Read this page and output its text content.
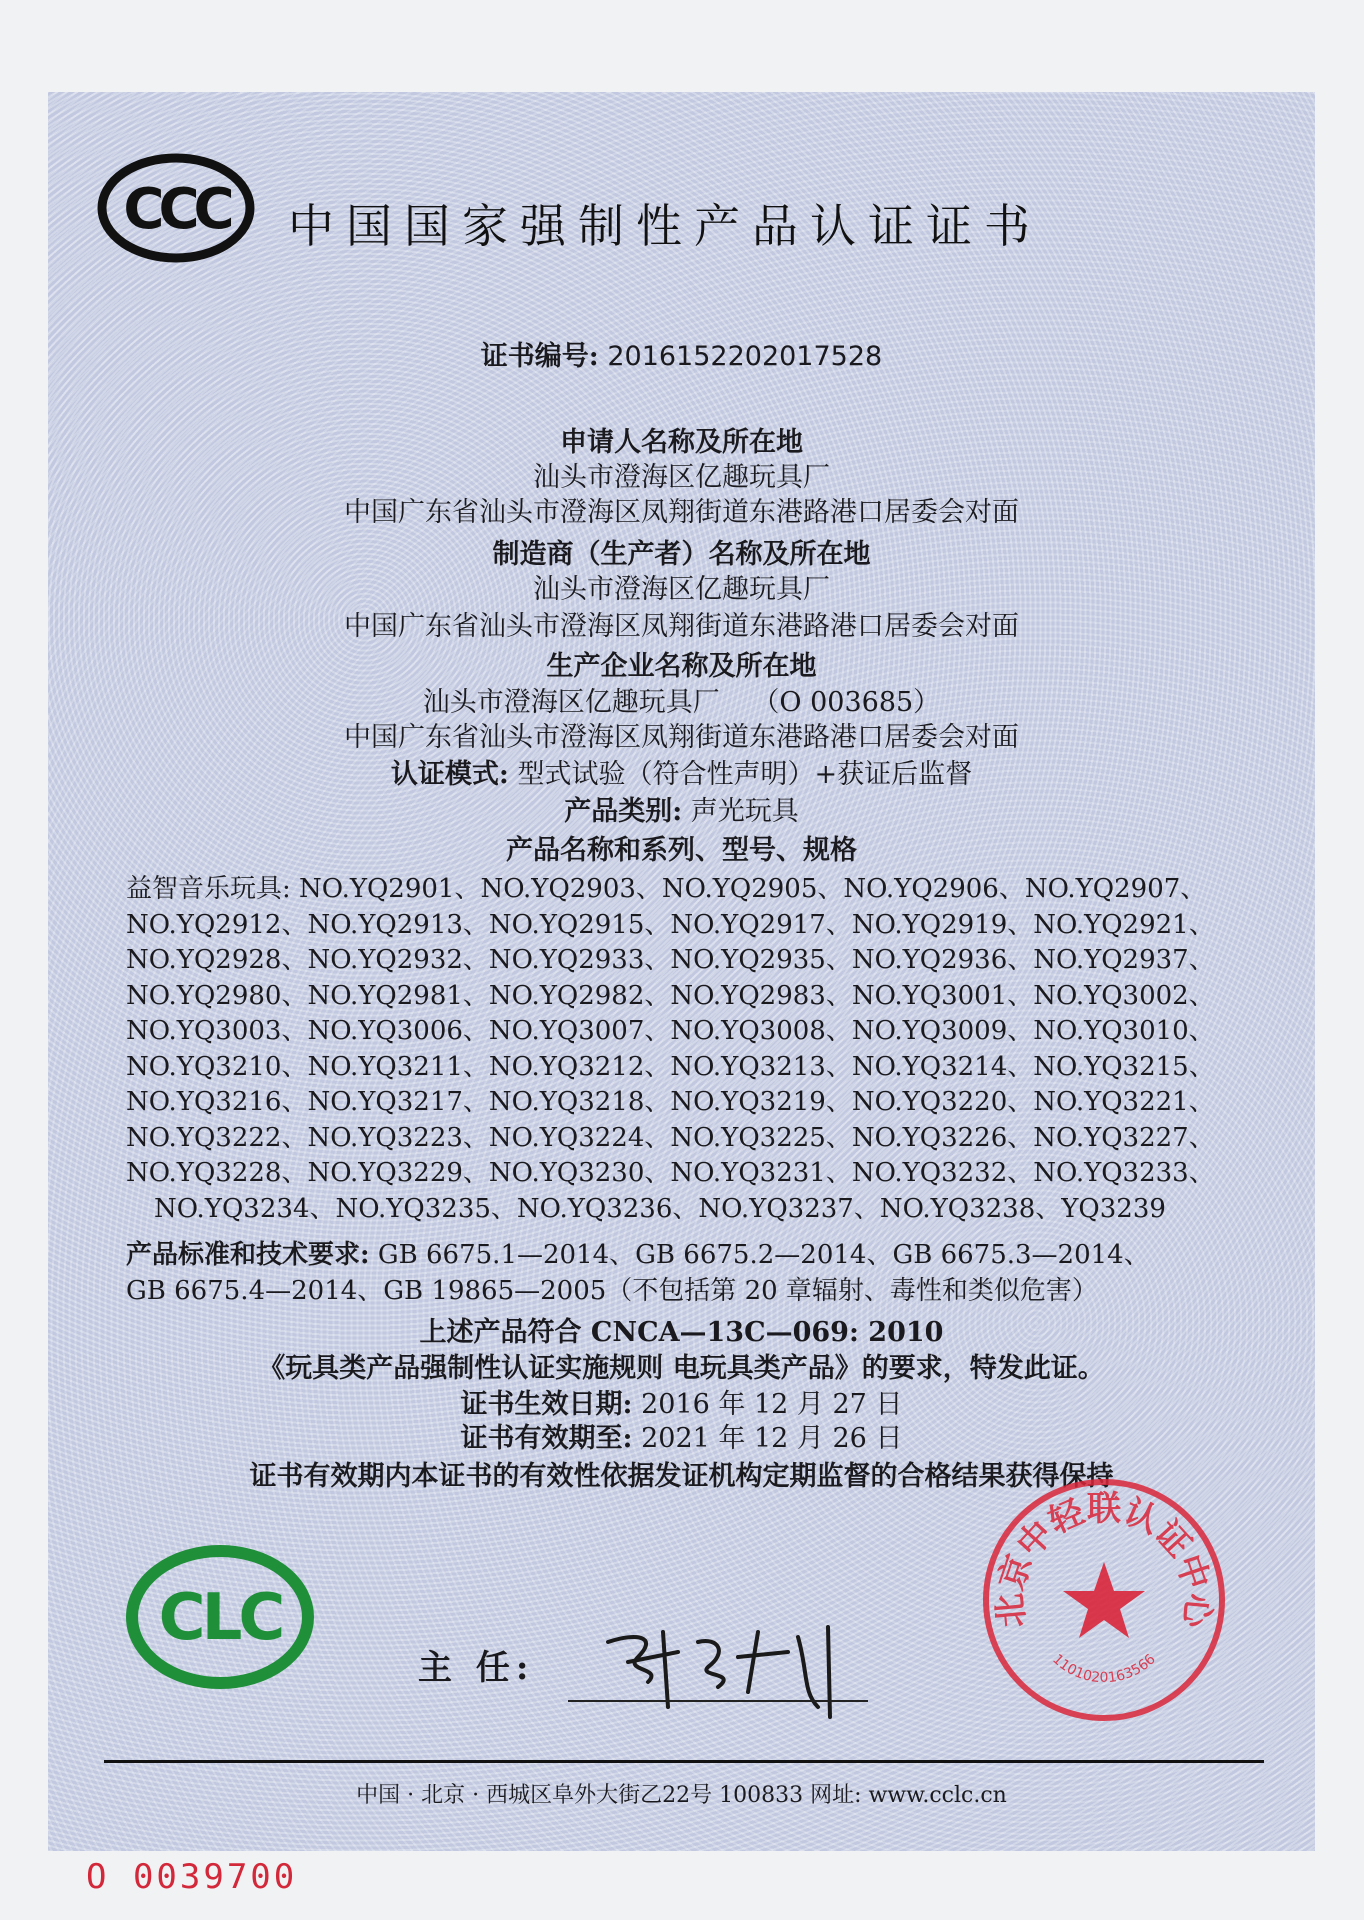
CCC 中国国家强制性产品认证证书
证书编号: 2016152202017528
申请人名称及所在地
汕头市澄海区亿趣玩具厂
中国广东省汕头市澄海区凤翔街道东港路港口居委会对面
制造商（生产者）名称及所在地
汕头市澄海区亿趣玩具厂
中国广东省汕头市澄海区凤翔街道东港路港口居委会对面
生产企业名称及所在地
汕头市澄海区亿趣玩具厂 （O 003685）
中国广东省汕头市澄海区凤翔街道东港路港口居委会对面
认证模式: 型式试验（符合性声明）+获证后监督
产品类别: 声光玩具
产品名称和系列、型号、规格
益智音乐玩具: NO.YQ2901、NO.YQ2903、NO.YQ2905、NO.YQ2906、NO.YQ2907、
NO.YQ2912、NO.YQ2913、NO.YQ2915、NO.YQ2917、NO.YQ2919、NO.YQ2921、
NO.YQ2928、NO.YQ2932、NO.YQ2933、NO.YQ2935、NO.YQ2936、NO.YQ2937、
NO.YQ2980、NO.YQ2981、NO.YQ2982、NO.YQ2983、NO.YQ3001、NO.YQ3002、
NO.YQ3003、NO.YQ3006、NO.YQ3007、NO.YQ3008、NO.YQ3009、NO.YQ3010、
NO.YQ3210、NO.YQ3211、NO.YQ3212、NO.YQ3213、NO.YQ3214、NO.YQ3215、
NO.YQ3216、NO.YQ3217、NO.YQ3218、NO.YQ3219、NO.YQ3220、NO.YQ3221、
NO.YQ3222、NO.YQ3223、NO.YQ3224、NO.YQ3225、NO.YQ3226、NO.YQ3227、
NO.YQ3228、NO.YQ3229、NO.YQ3230、NO.YQ3231、NO.YQ3232、NO.YQ3233、
NO.YQ3234、NO.YQ3235、NO.YQ3236、NO.YQ3237、NO.YQ3238、YQ3239
产品标准和技术要求: GB 6675.1—2014、GB 6675.2—2014、GB 6675.3—2014、
GB 6675.4—2014、GB 19865—2005（不包括第 20 章辐射、毒性和类似危害）
上述产品符合 CNCA—13C—069: 2010
《玩具类产品强制性认证实施规则 电玩具类产品》的要求，特发此证。
证书生效日期: 2016 年 12 月 27 日
证书有效期至: 2021 年 12 月 26 日
证书有效期内本证书的有效性依据发证机构定期监督的合格结果获得保持
CLC
主 任:
北京中轻联认证中心
1101020163566
中国 · 北京 · 西城区阜外大街乙22号 100833 网址: www.cclc.cn
O 0039700
